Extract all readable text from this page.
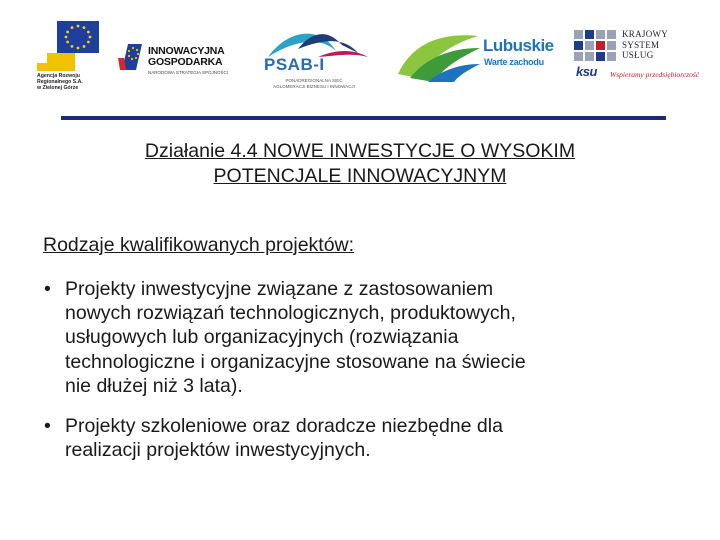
Agencja Rozwoju
Regionalnego S.A.
w Zielonej Górze
INNOWACYJNA
GOSPODARKA
NARODOWA STRATEGIA SPÓJNOŚCI PSAB-I
PONADREGIONALNA SIEĆ
AGLOMERACJI BIZNESU I INNOWACJI
Lubuskie
Warte zachodu
ksu
KRAJOWY
SYSTEM
USŁUG
Wspieramy przedsiębiorczość
Działanie 4.4 NOWE INWESTYCJE O WYSOKIM
POTENCJALE INNOWACYJNYM
Rodzaje kwalifikowanych projektów:
• Projekty inwestycyjne związane z zastosowaniem
nowych rozwiązań technologicznych, produktowych,
usługowych lub organizacyjnych (rozwiązania
technologiczne i organizacyjne stosowane na świecie
nie dłużej niż 3 lata).
• Projekty szkoleniowe oraz doradcze niezbędne dla
realizacji projektów inwestycyjnych.
